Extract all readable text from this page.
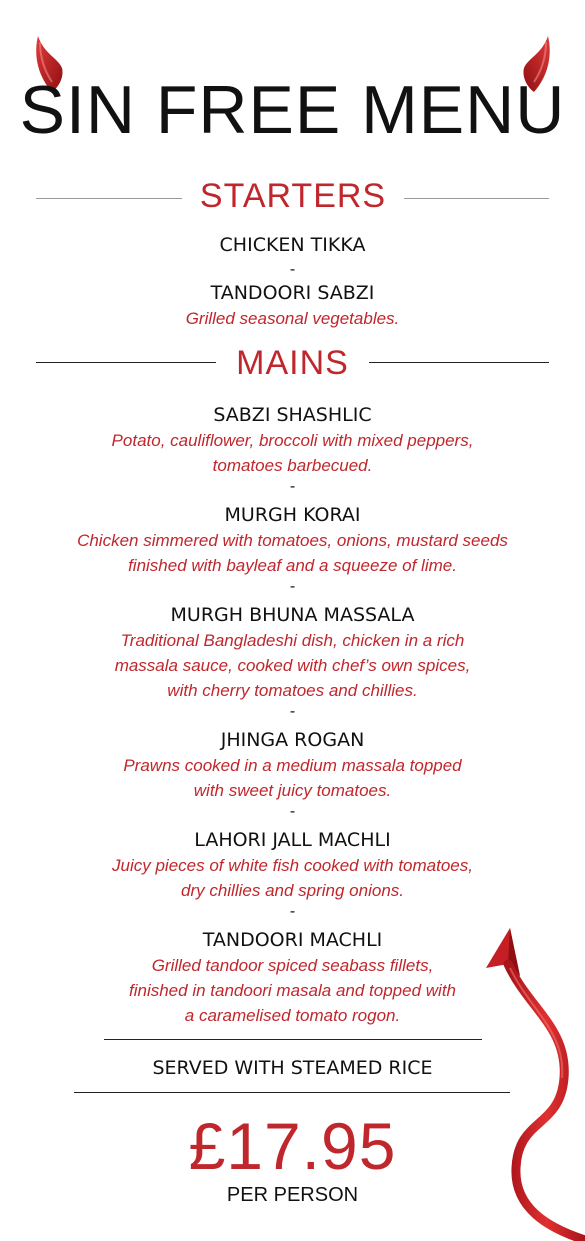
SIN FREE MENU
STARTERS
CHICKEN TIKKA
-
TANDOORI SABZI
Grilled seasonal vegetables.
MAINS
SABZI SHASHLIC
Potato, cauliflower, broccoli with mixed peppers,
tomatoes barbecued.
-
MURGH KORAI
Chicken simmered with tomatoes, onions, mustard seeds
finished with bayleaf and a squeeze of lime.
-
MURGH BHUNA MASSALA
Traditional Bangladeshi dish, chicken in a rich
massala sauce, cooked with chef’s own spices,
with cherry tomatoes and chillies.
-
JHINGA ROGAN
Prawns cooked in a medium massala topped
with sweet juicy tomatoes.
-
LAHORI JALL MACHLI
Juicy pieces of white fish cooked with tomatoes,
dry chillies and spring onions.
-
TANDOORI MACHLI
Grilled tandoor spiced seabass fillets,
finished in tandoori masala and topped with
a caramelised tomato rogon.
SERVED WITH STEAMED RICE
£17.95
PER PERSON
